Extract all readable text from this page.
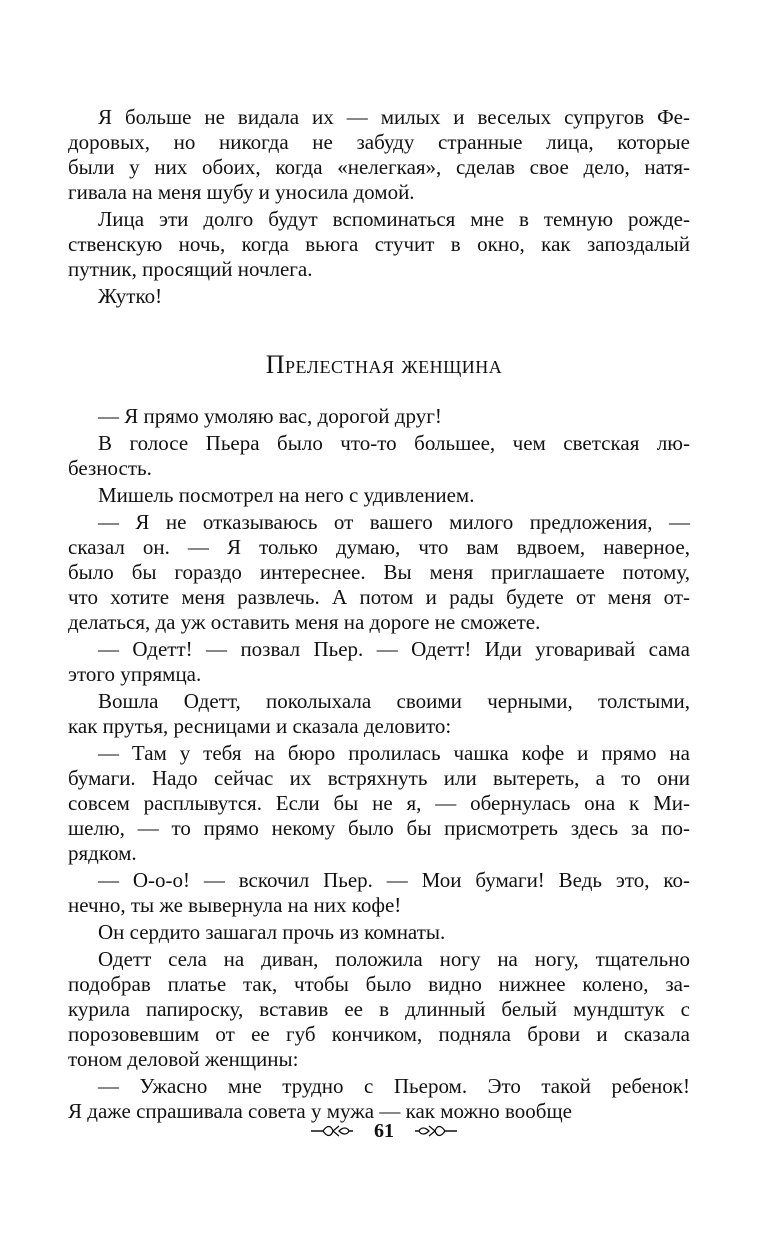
Я больше не видала их — милых и веселых супругов Фе-
доровых, но никогда не забуду странные лица, которые
были у них обоих, когда «нелегкая», сделав свое дело, натя-
гивала на меня шубу и уносила домой.
Лица эти долго будут вспоминаться мне в темную рожде-
ственскую ночь, когда вьюга стучит в окно, как запоздалый
путник, просящий ночлега.
Жутко!
Прелестная женщина
— Я прямо умоляю вас, дорогой друг!
В голосе Пьера было что-то большее, чем светская лю-
безность.
Мишель посмотрел на него с удивлением.
— Я не отказываюсь от вашего милого предложения, —
сказал он. — Я только думаю, что вам вдвоем, наверное,
было бы гораздо интереснее. Вы меня приглашаете потому,
что хотите меня развлечь. А потом и рады будете от меня от-
делаться, да уж оставить меня на дороге не сможете.
— Одетт! — позвал Пьер. — Одетт! Иди уговаривай сама
этого упрямца.
Вошла Одетт, поколыхала своими черными, толстыми,
как прутья, ресницами и сказала деловито:
— Там у тебя на бюро пролилась чашка кофе и прямо на
бумаги. Надо сейчас их встряхнуть или вытереть, а то они
совсем расплывутся. Если бы не я, — обернулась она к Ми-
шелю, — то прямо некому было бы присмотреть здесь за по-
рядком.
— О-о-о! — вскочил Пьер. — Мои бумаги! Ведь это, ко-
нечно, ты же вывернула на них кофе!
Он сердито зашагал прочь из комнаты.
Одетт села на диван, положила ногу на ногу, тщательно
подобрав платье так, чтобы было видно нижнее колено, за-
курила папироску, вставив ее в длинный белый мундштук с
порозовевшим от ее губ кончиком, подняла брови и сказала
тоном деловой женщины:
— Ужасно мне трудно с Пьером. Это такой ребенок!
Я даже спрашивала совета у мужа — как можно вообще
61
